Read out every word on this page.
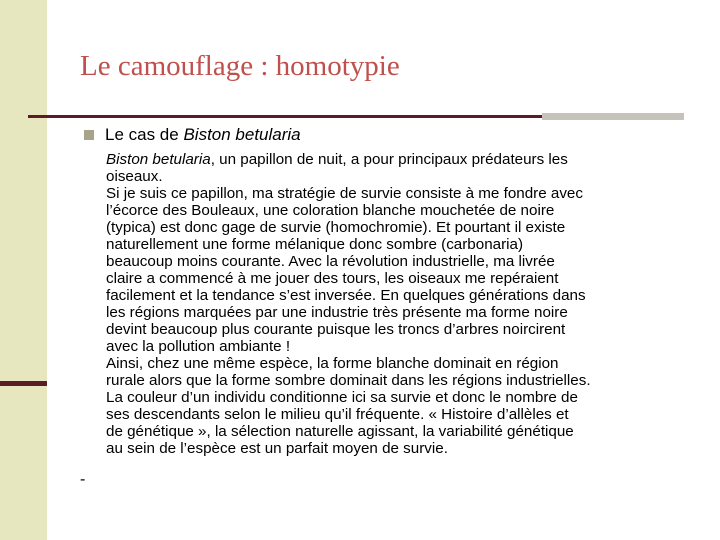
Le camouflage : homotypie
Le cas de Biston betularia
Biston betularia, un papillon de nuit, a pour principaux prédateurs les
oiseaux.
Si je suis ce papillon, ma stratégie de survie consiste à me fondre avec
l’écorce des Bouleaux, une coloration blanche mouchetée de noire
(typica) est donc gage de survie (homochromie). Et pourtant il existe
naturellement une forme mélanique donc sombre (carbonaria)
beaucoup moins courante. Avec la révolution industrielle, ma livrée
claire a commencé à me jouer des tours, les oiseaux me repéraient
facilement et la tendance s’est inversée. En quelques générations dans
les régions marquées par une industrie très présente ma forme noire
devint beaucoup plus courante puisque les troncs d’arbres noircirent
avec la pollution ambiante !
Ainsi, chez une même espèce, la forme blanche dominait en région
rurale alors que la forme sombre dominait dans les régions industrielles.
La couleur d’un individu conditionne ici sa survie et donc le nombre de
ses descendants selon le milieu qu’il fréquente. « Histoire d’allèles et
de génétique », la sélection naturelle agissant, la variabilité génétique
au sein de l’espèce est un parfait moyen de survie.
-
